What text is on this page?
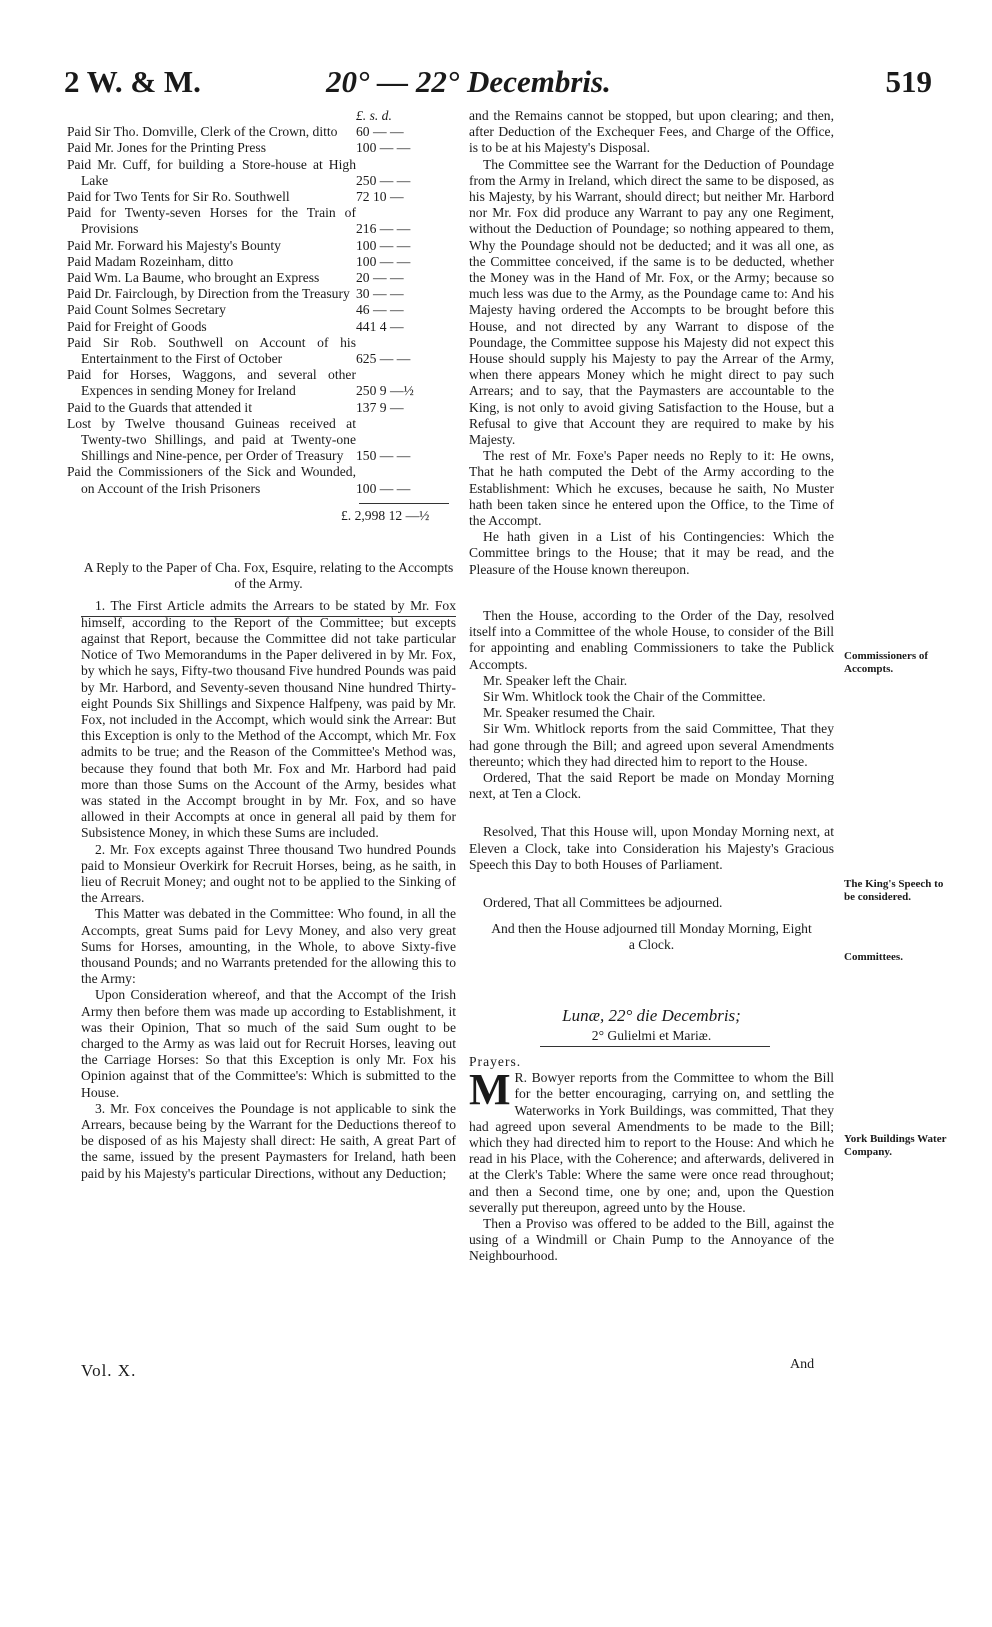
2 W. & M.	20° — 22° Decembris.	519
	£. s. d.
Paid Sir Tho. Domville, Clerk of the Crown, ditto	60 — —
Paid Mr. Jones for the Printing Press	100 — —
Paid Mr. Cuff, for building a Store-house at High Lake	250 — —
Paid for Two Tents for Sir Ro. Southwell	72 10 —
Paid for Twenty-seven Horses for the Train of Provisions	216 — —
Paid Mr. Forward his Majesty's Bounty	100 — —
Paid Madam Rozeinham, ditto	100 — —
Paid Wm. La Baume, who brought an Express	20 — —
Paid Dr. Fairclough, by Direction from the Treasury	30 — —
Paid Count Solmes Secretary	46 — —
Paid for Freight of Goods	441 4 —
Paid Sir Rob. Southwell on Account of his Entertainment to the First of October	625 — —
Paid for Horses, Waggons, and several other Expences in sending Money for Ireland	250 9 —½
Paid to the Guards that attended it	137 9 —
Lost by Twelve thousand Guineas received at Twenty-two Shillings, and paid at Twenty-one Shillings and Nine-pence, per Order of Treasury	150 — —
Paid the Commissioners of the Sick and Wounded, on Account of the Irish Prisoners	100 — —
£. 2,998 12 —½

A Reply to the Paper of Cha. Fox, Esquire, relating to the Accompts of the Army.

1. The First Article admits the Arrears to be stated by Mr. Fox himself, according to the Report of the Committee; but excepts against that Report, because the Committee did not take particular Notice of Two Memorandums in the Paper delivered in by Mr. Fox, by which he says, Fifty-two thousand Five hundred Pounds was paid by Mr. Harbord, and Seventy-seven thousand Nine hundred Thirty-eight Pounds Six Shillings and Sixpence Halfpeny, was paid by Mr. Fox, not included in the Accompt, which would sink the Arrear: But this Exception is only to the Method of the Accompt, which Mr. Fox admits to be true; and the Reason of the Committee's Method was, because they found that both Mr. Fox and Mr. Harbord had paid more than those Sums on the Account of the Army, besides what was stated in the Accompt brought in by Mr. Fox, and so have allowed in their Accompts at once in general all paid by them for Subsistence Money, in which these Sums are included.

2. Mr. Fox excepts against Three thousand Two hundred Pounds paid to Monsieur Overkirk for Recruit Horses, being, as he saith, in lieu of Recruit Money; and ought not to be applied to the Sinking of the Arrears.

This Matter was debated in the Committee: Who found, in all the Accompts, great Sums paid for Levy Money, and also very great Sums for Horses, amounting, in the Whole, to above Sixty-five thousand Pounds; and no Warrants pretended for the allowing this to the Army:

Upon Consideration whereof, and that the Accompt of the Irish Army then before them was made up according to Establishment, it was their Opinion, That so much of the said Sum ought to be charged to the Army as was laid out for Recruit Horses, leaving out the Carriage Horses: So that this Exception is only Mr. Fox his Opinion against that of the Committee's: Which is submitted to the House.

3. Mr. Fox conceives the Poundage is not applicable to sink the Arrears, because being by the Warrant for the Deductions thereof to be disposed of as his Majesty shall direct: He saith, A great Part of the same, issued by the present Paymasters for Ireland, hath been paid by his Majesty's particular Directions, without any Deduction;

and the Remains cannot be stopped, but upon clearing; and then, after Deduction of the Exchequer Fees, and Charge of the Office, is to be at his Majesty's Disposal.

The Committee see the Warrant for the Deduction of Poundage from the Army in Ireland, which direct the same to be disposed, as his Majesty, by his Warrant, should direct; but neither Mr. Harbord nor Mr. Fox did produce any Warrant to pay any one Regiment, without the Deduction of Poundage; so nothing appeared to them, Why the Poundage should not be deducted; and it was all one, as the Committee conceived, if the same is to be deducted, whether the Money was in the Hand of Mr. Fox, or the Army; because so much less was due to the Army, as the Poundage came to: And his Majesty having ordered the Accompts to be brought before this House, and not directed by any Warrant to dispose of the Poundage, the Committee suppose his Majesty did not expect this House should supply his Majesty to pay the Arrear of the Army, when there appears Money which he might direct to pay such Arrears; and to say, that the Paymasters are accountable to the King, is not only to avoid giving Satisfaction to the House, but a Refusal to give that Account they are required to make by his Majesty.

The rest of Mr. Foxe's Paper needs no Reply to it: He owns, That he hath computed the Debt of the Army according to the Establishment: Which he excuses, because he saith, No Muster hath been taken since he entered upon the Office, to the Time of the Accompt.

He hath given in a List of his Contingencies: Which the Committee brings to the House; that it may be read, and the Pleasure of the House known thereupon.

Then the House, according to the Order of the Day, resolved itself into a Committee of the whole House, to consider of the Bill for appointing and enabling Commissioners to take the Publick Accompts.

Mr. Speaker left the Chair.

Sir Wm. Whitlock took the Chair of the Committee.

Mr. Speaker resumed the Chair.

Sir Wm. Whitlock reports from the said Committee, That they had gone through the Bill; and agreed upon several Amendments thereunto; which they had directed him to report to the House.

Ordered, That the said Report be made on Monday Morning next, at Ten a Clock.

Resolved, That this House will, upon Monday Morning next, at Eleven a Clock, take into Consideration his Majesty's Gracious Speech this Day to both Houses of Parliament.

Ordered, That all Committees be adjourned.

And then the House adjourned till Monday Morning, Eight a Clock.

Lunæ, 22° die Decembris;

2° Gulielmi et Mariæ.

Prayers.

M R. Bowyer reports from the Committee to whom the Bill for the better encouraging, carrying on, and settling the Waterworks in York Buildings, was committed, That they had agreed upon several Amendments to be made to the Bill; which they had directed him to report to the House: And which he read in his Place, with the Coherence; and afterwards, delivered in at the Clerk's Table: Where the same were once read throughout; and then a Second time, one by one; and, upon the Question severally put thereupon, agreed unto by the House.

Then a Proviso was offered to be added to the Bill, against the using of a Windmill or Chain Pump to the Annoyance of the Neighbourhood.

Commissioners of Accompts.
The King's Speech to be considered.
Committees.
York Buildings Water Company.
Vol. X.	And
